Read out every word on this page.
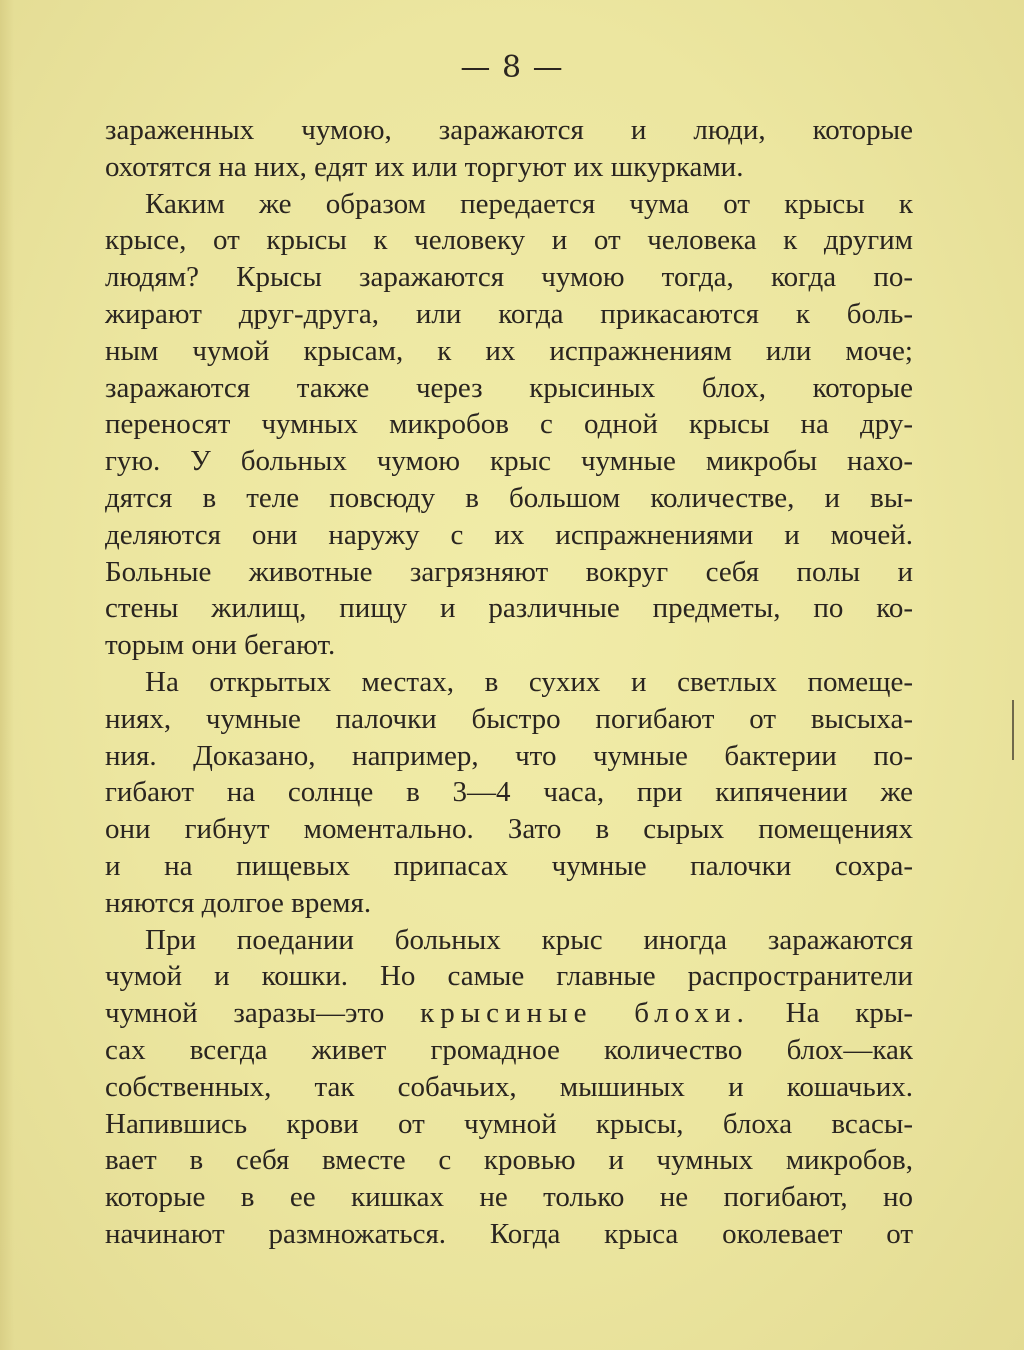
— 8 —
зараженных чумою, заражаются и люди, которые
охотятся на них, едят их или торгуют их шкурками.
Каким же образом передается чума от крысы к
крысе, от крысы к человеку и от человека к другим
людям? Крысы заражаются чумою тогда, когда по-
жирают друг-друга, или когда прикасаются к боль-
ным чумой крысам, к их испражнениям или моче;
заражаются также через крысиных блох, которые
переносят чумных микробов с одной крысы на дру-
гую. У больных чумою крыс чумные микробы нахо-
дятся в теле повсюду в большом количестве, и вы-
деляются они наружу с их испражнениями и мочей.
Больные животные загрязняют вокруг себя полы и
стены жилищ, пищу и различные предметы, по ко-
торым они бегают.
На открытых местах, в сухих и светлых помеще-
ниях, чумные палочки быстро погибают от высыха-
ния. Доказано, например, что чумные бактерии по-
гибают на солнце в 3—4 часа, при кипячении же
они гибнут моментально. Зато в сырых помещениях
и на пищевых припасах чумные палочки сохра-
няются долгое время.
При поедании больных крыс иногда заражаются
чумой и кошки. Но самые главные распространители
чумной заразы—это крысиные блохи. На кры-
сах всегда живет громадное количество блох—как
собственных, так собачьих, мышиных и кошачьих.
Напившись крови от чумной крысы, блоха всасы-
вает в себя вместе с кровью и чумных микробов,
которые в ее кишках не только не погибают, но
начинают размножаться. Когда крыса околевает от
